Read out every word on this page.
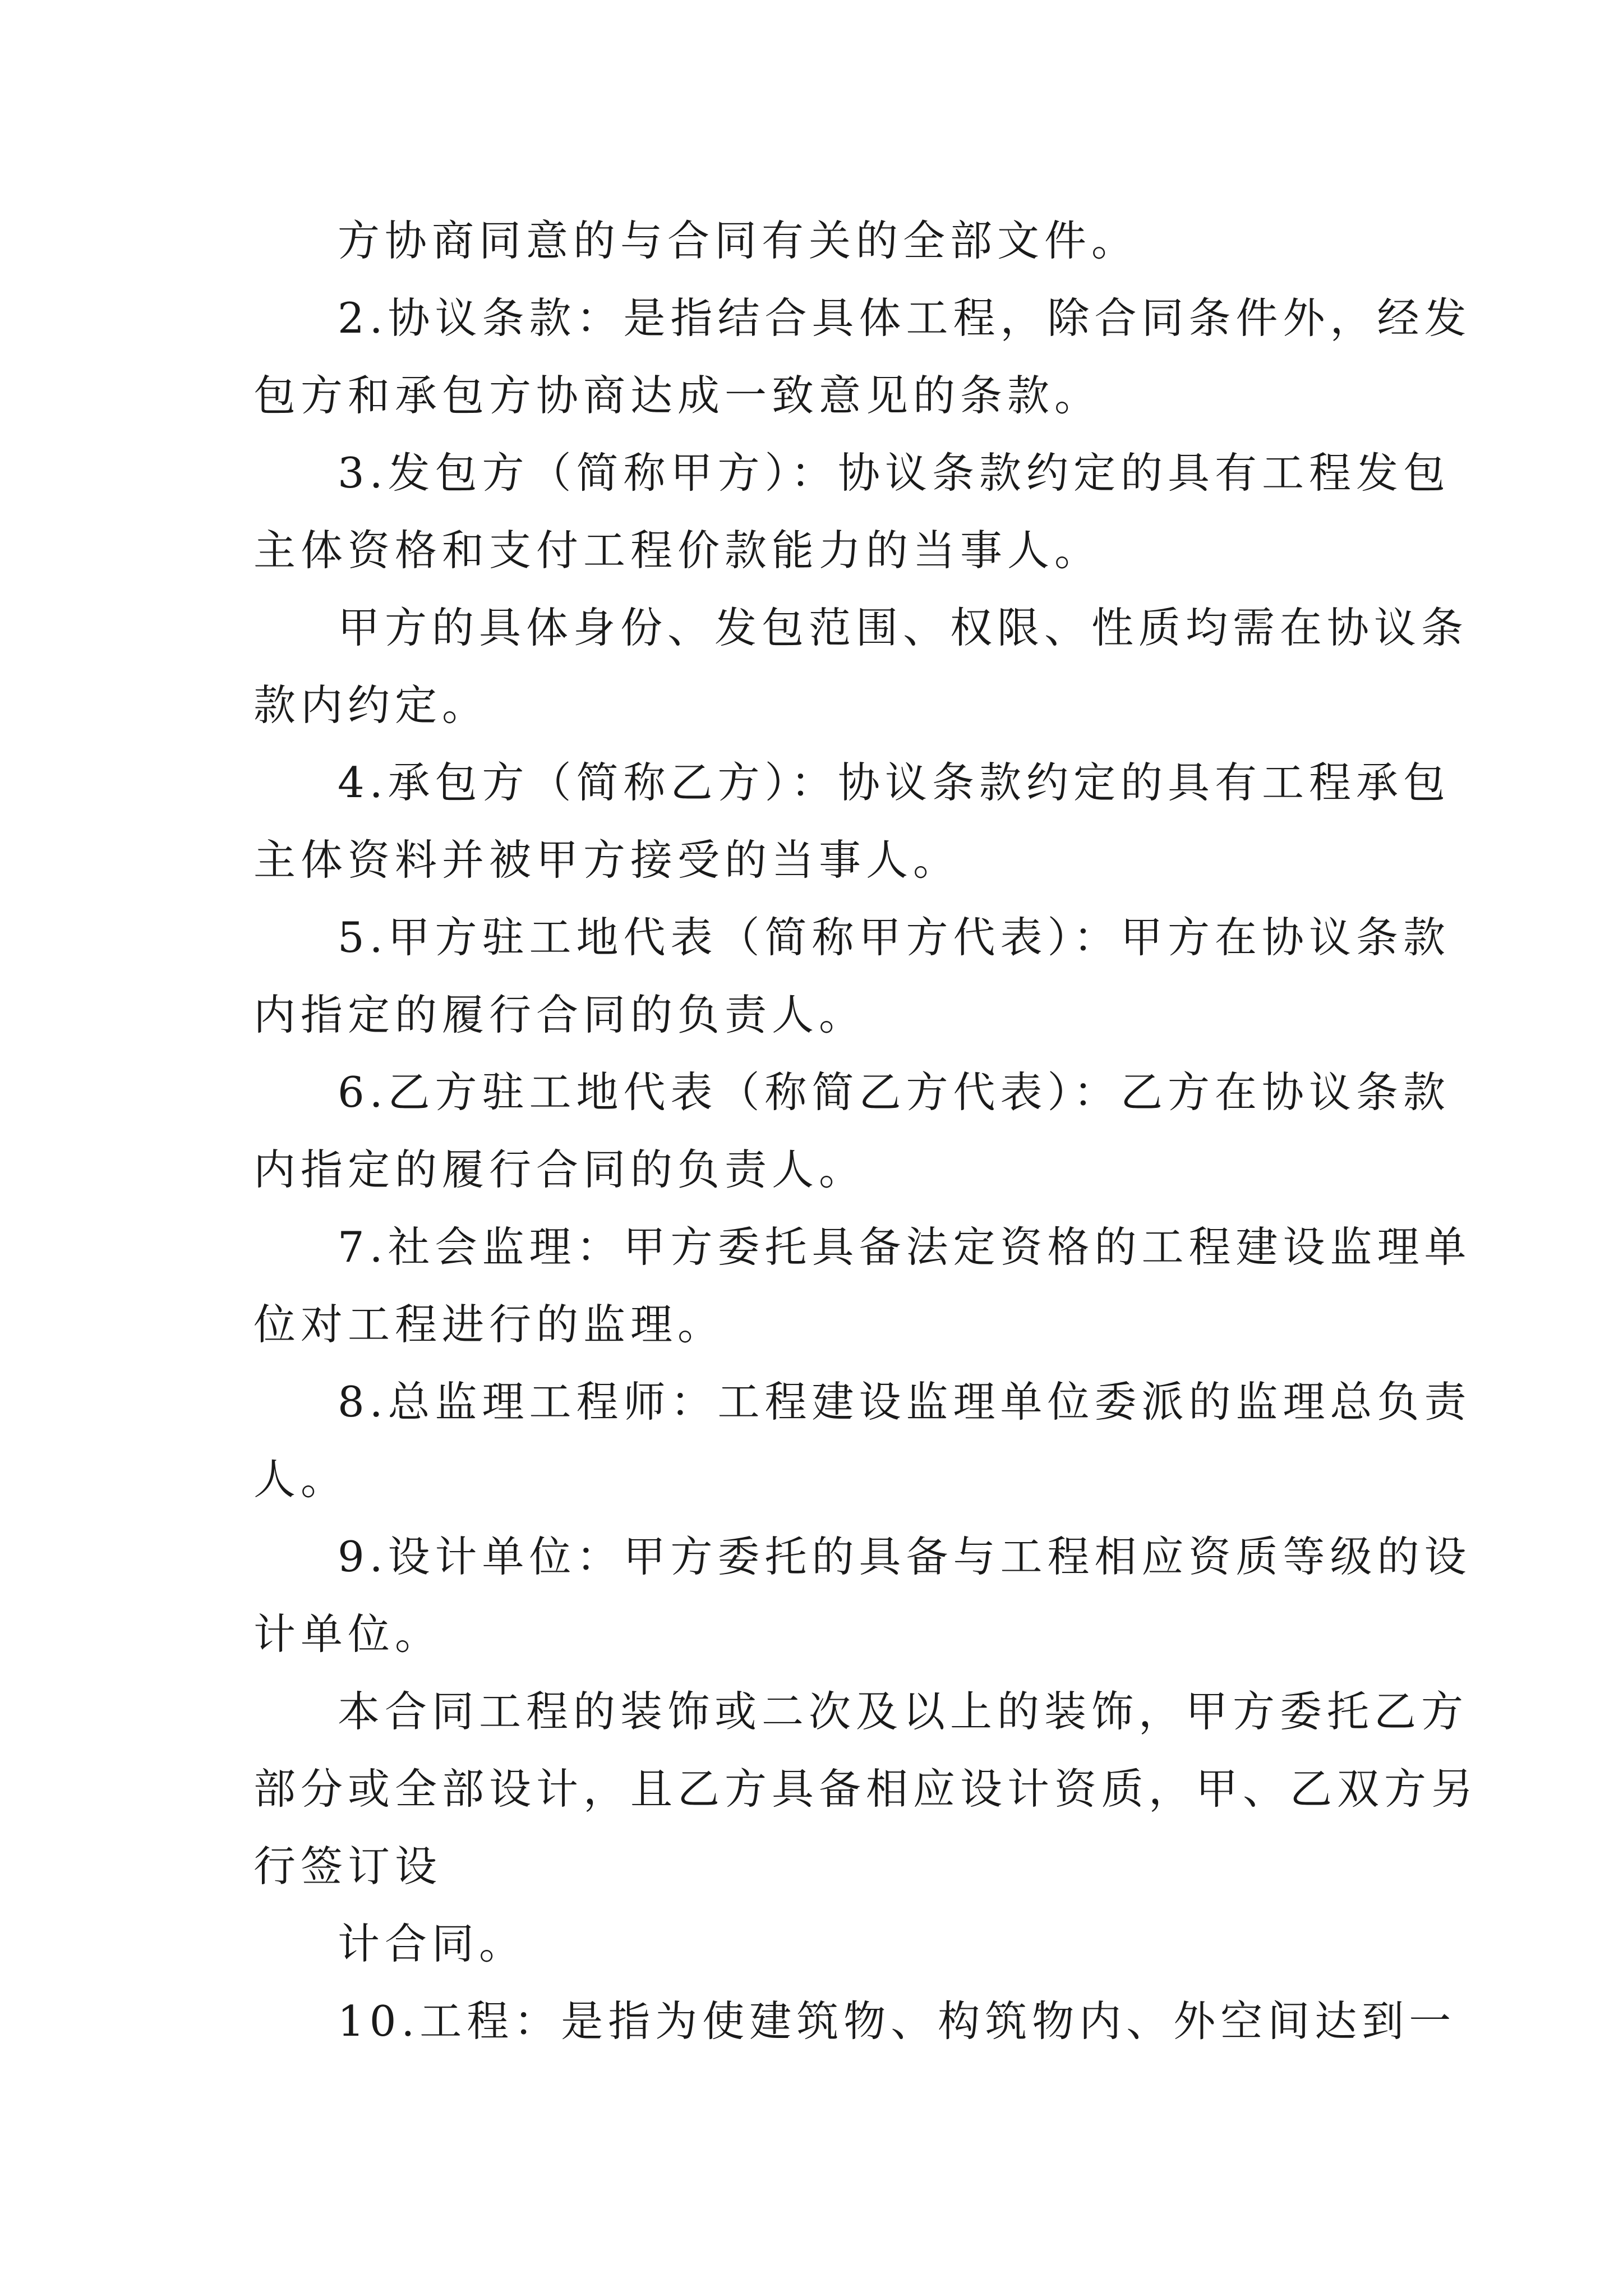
方协商同意的与合同有关的全部文件。
2.协议条款：是指结合具体工程，除合同条件外，经发
包方和承包方协商达成一致意见的条款。
3.发包方（简称甲方）：协议条款约定的具有工程发包
主体资格和支付工程价款能力的当事人。
甲方的具体身份、发包范围、权限、性质均需在协议条
款内约定。
4.承包方（简称乙方）：协议条款约定的具有工程承包
主体资料并被甲方接受的当事人。
5.甲方驻工地代表（简称甲方代表）：甲方在协议条款
内指定的履行合同的负责人。
6.乙方驻工地代表（称简乙方代表）：乙方在协议条款
内指定的履行合同的负责人。
7.社会监理：甲方委托具备法定资格的工程建设监理单
位对工程进行的监理。
8.总监理工程师：工程建设监理单位委派的监理总负责
人。
9.设计单位：甲方委托的具备与工程相应资质等级的设
计单位。
本合同工程的装饰或二次及以上的装饰，甲方委托乙方
部分或全部设计，且乙方具备相应设计资质，甲、乙双方另
行签订设
计合同。
10.工程：是指为使建筑物、构筑物内、外空间达到一
